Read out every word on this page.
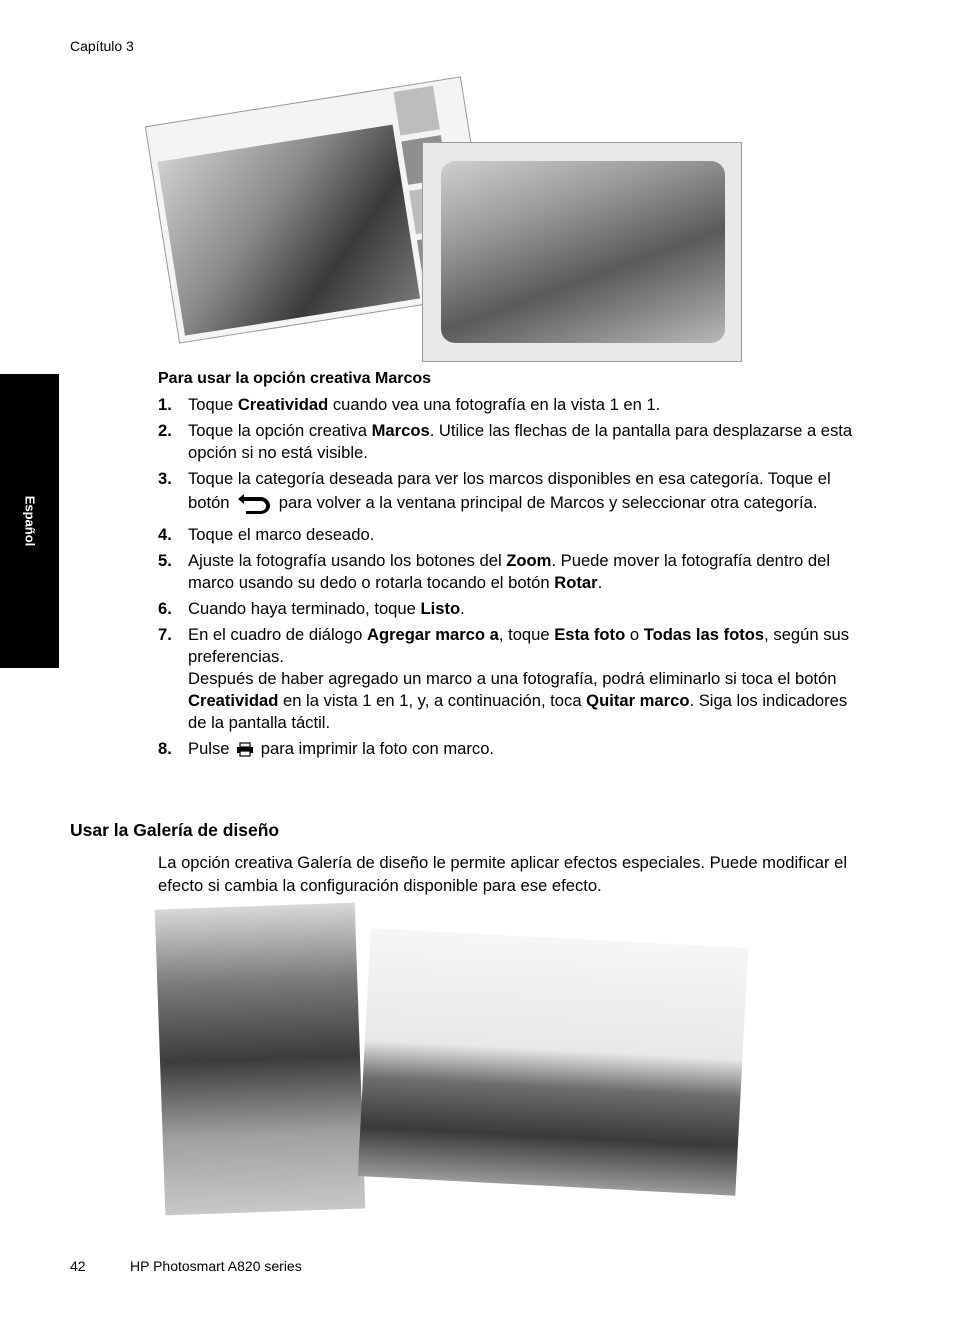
Capítulo 3
Español
Para usar la opción creativa Marcos
1. Toque Creatividad cuando vea una fotografía en la vista 1 en 1.
2. Toque la opción creativa Marcos. Utilice las flechas de la pantalla para desplazarse a esta opción si no está visible.
3. Toque la categoría deseada para ver los marcos disponibles en esa categoría. Toque el botón	para volver a la ventana principal de Marcos y seleccionar otra categoría.
4. Toque el marco deseado.
5. Ajuste la fotografía usando los botones del Zoom. Puede mover la fotografía dentro del marco usando su dedo o rotarla tocando el botón Rotar.
6. Cuando haya terminado, toque Listo.
7. En el cuadro de diálogo Agregar marco a, toque Esta foto o Todas las fotos, según sus preferencias.
Después de haber agregado un marco a una fotografía, podrá eliminarlo si toca el botón Creatividad en la vista 1 en 1, y, a continuación, toca Quitar marco. Siga los indicadores de la pantalla táctil.
8. Pulse  para imprimir la foto con marco.
Usar la Galería de diseño
La opción creativa Galería de diseño le permite aplicar efectos especiales. Puede modificar el efecto si cambia la configuración disponible para ese efecto.
42	HP Photosmart A820 series
